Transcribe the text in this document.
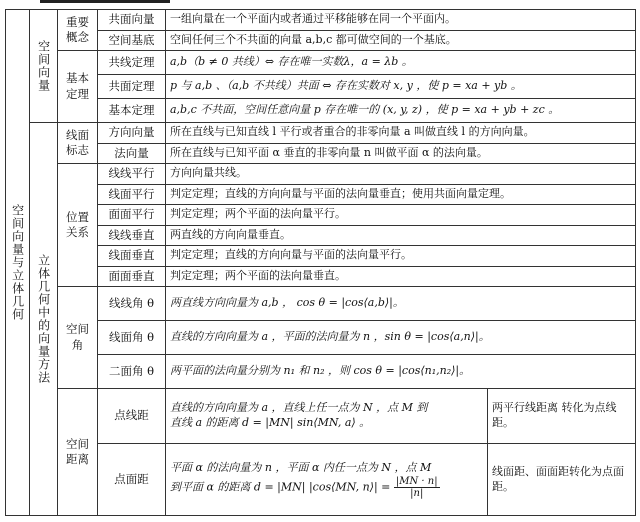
空间向量与立体几何	空间向量	重要概念	共面向量	一组向量在一个平面内或者通过平移能够在同一个平面内。	
			空间基底	空间任何三个不共面的向量 a,b,c 都可做空间的一个基底。	
		基本定理	共线定理	a,b（b ≠ 0 共线）⇔ 存在唯一实数λ，a = λb 。	
			共面定理	p 与 a,b 、（a,b 不共线）共面 ⇔ 存在实数对 x, y ，使 p = xa + yb 。	
			基本定理	a,b,c 不共面，空间任意向量 p 存在唯一的 (x, y, z) ，使 p = xa + yb + zc 。	
	立体几何中的向量方法	线面标志	方向向量	所在直线与已知直线 l 平行或者重合的非零向量 a 叫做直线 l 的方向向量。	
			法向量	所在直线与已知平面 α 垂直的非零向量 n 叫做平面 α 的法向量。	
		位置关系	线线平行	方向向量共线。	
			线面平行	判定定理；直线的方向向量与平面的法向量垂直；使用共面向量定理。	
			面面平行	判定定理；两个平面的法向量平行。	
			线线垂直	两直线的方向向量垂直。	
			线面垂直	判定定理；直线的方向向量与平面的法向量平行。	
			面面垂直	判定定理；两个平面的法向量垂直。	
		空间角	线线角 θ	两直线方向向量为 a,b ， cos θ = |cos⟨a,b⟩|。	
			线面角 θ	直线的方向向量为 a ，平面的法向量为 n ，sin θ = |cos⟨a,n⟩|。	
			二面角 θ	两平面的法向量分别为 n₁ 和 n₂ ，则 cos θ = |cos⟨n₁,n₂⟩|。	
		空间距离	点线距	直线的方向向量为 a ，直线上任一点为 N ，点 M 到
直线 a 的距离 d = |MN| sin⟨MN, a⟩ 。	两平行线距离 转化为点线距。
			点面距	平面 α 的法向量为 n ，平面 α 内任一点为 N ，点 M
到平面 α 的距离 d = |MN| |cos⟨MN, n⟩| = $\frac{|MN \cdot n|}{|n|}$	线面距、面面距转化为点面距。
